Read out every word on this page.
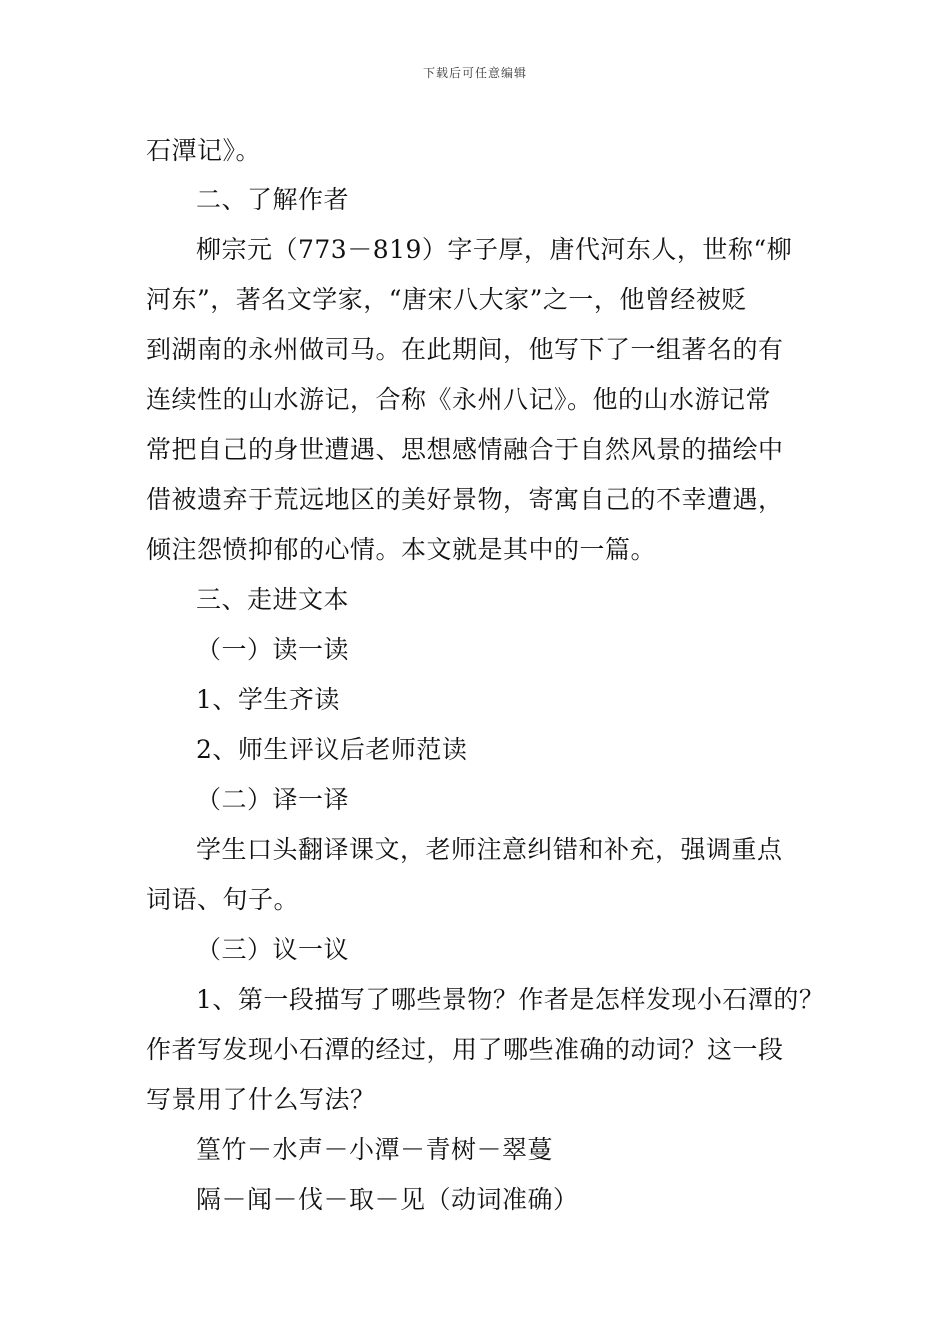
下载后可任意编辑
石潭记》。
二、了解作者
柳宗元（773－819）字子厚，唐代河东人，世称“柳
河东”，著名文学家，“唐宋八大家”之一，他曾经被贬
到湖南的永州做司马。在此期间，他写下了一组著名的有
连续性的山水游记，合称《永州八记》。他的山水游记常
常把自己的身世遭遇、思想感情融合于自然风景的描绘中
借被遗弃于荒远地区的美好景物，寄寓自己的不幸遭遇，
倾注怨愤抑郁的心情。本文就是其中的一篇。
三、走进文本
（一）读一读
1、学生齐读
2、师生评议后老师范读
（二）译一译
学生口头翻译课文，老师注意纠错和补充，强调重点
词语、句子。
（三）议一议
1、第一段描写了哪些景物？作者是怎样发现小石潭的？
作者写发现小石潭的经过，用了哪些准确的动词？这一段
写景用了什么写法？
篁竹－水声－小潭－青树－翠蔓
隔－闻－伐－取－见（动词准确）
